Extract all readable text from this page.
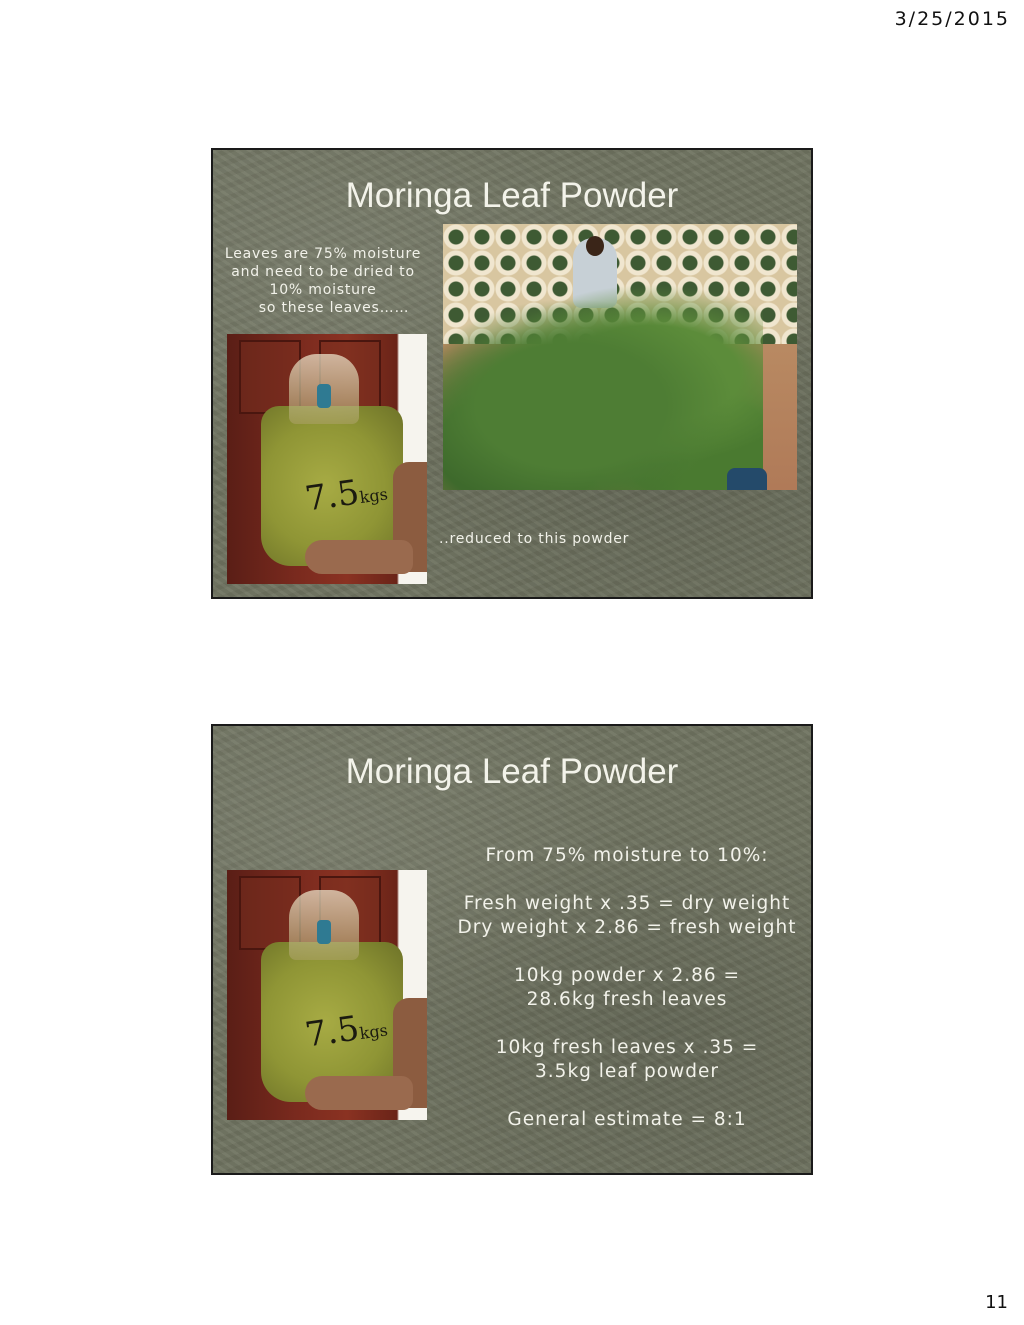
3/25/2015
Moringa Leaf Powder
Leaves are 75% moisture
and need to be dried to
10% moisture
so these leaves……
7.5kgs
..reduced to this powder
Moringa Leaf Powder
7.5kgs
From 75% moisture to 10%:
Fresh weight x .35 = dry weight
Dry weight x 2.86 = fresh weight
10kg powder x 2.86 =
28.6kg fresh leaves
10kg fresh leaves x .35 =
3.5kg leaf powder
General estimate = 8:1
11
